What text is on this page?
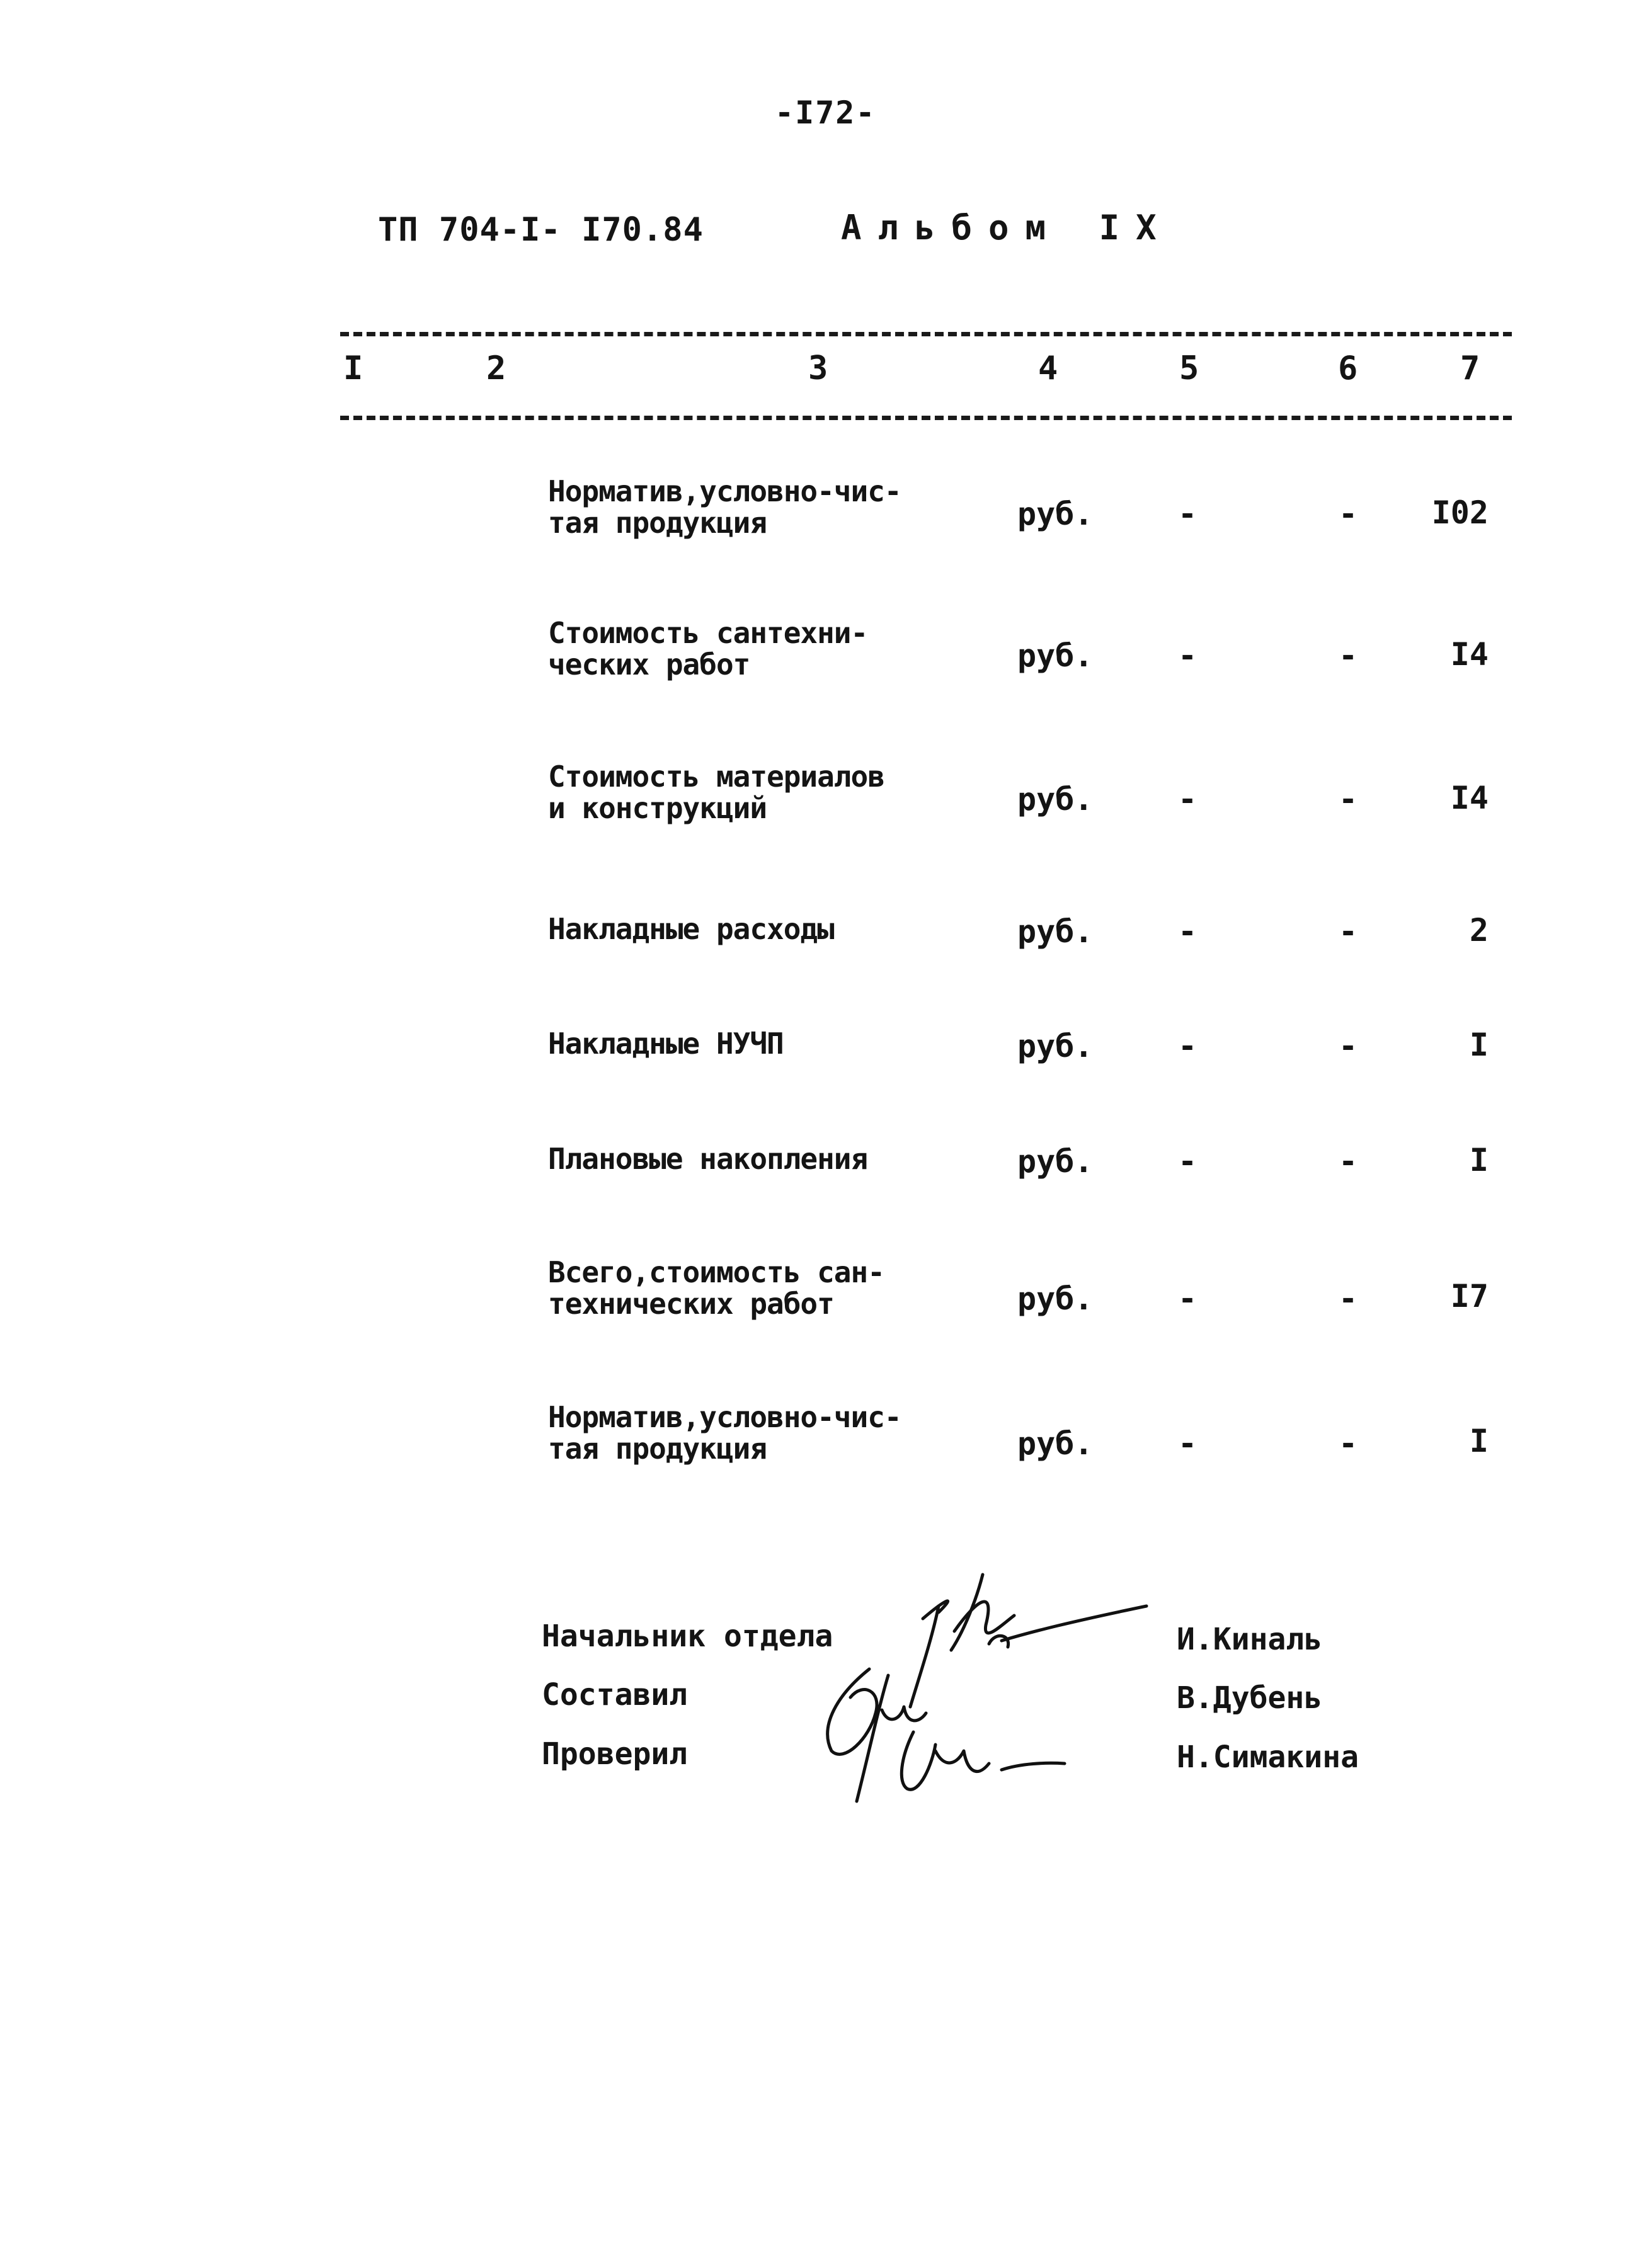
-I72-
ТП 704-I- I70.84	Альбом IX
I	2	3	4	5	6	7
Норматив,условно-чис-
тая продукция	руб.	-	- I02
Стоимость сантехни-
ческих работ	руб.	-	-	I4
Стоимость материалов
и конструкций	руб.	-	-	I4
Накладные расходы	руб.	-	-	2
Накладные НУЧП	руб.	-	-	I
Плановые накопления	руб.	-	-	I
Всего,стоимость сан-
технических работ	руб.	-	-	I7
Норматив,условно-чис-
тая продукция	руб.	-	-	I
Начальник отдела
Составил
Проверил
И.Киналь
В.Дубень
Н.Симакина
